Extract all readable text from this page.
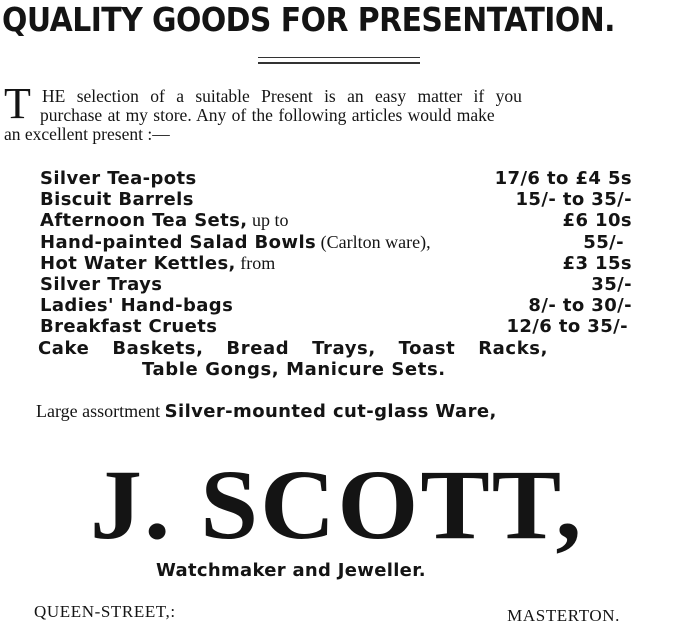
QUALITY GOODS FOR PRESENTATION.
T HE selection of a suitable Present is an easy matter if you
purchase at my store. Any of the following articles would make
an excellent present :—
Silver Tea-pots	17/6 to £4 5s
Biscuit Barrels	15/- to 35/-
Afternoon Tea Sets, up to	£6 10s
Hand-painted Salad Bowls (Carlton ware),	55/-
Hot Water Kettles, from	£3 15s
Silver Trays	35/-
Ladies' Hand-bags	8/- to 30/-
Breakfast Cruets	12/6 to 35/-
Cake Baskets, Bread Trays, Toast Racks,
Table Gongs, Manicure Sets.
Large assortment Silver-mounted cut-glass Ware,
J. SCOTT,
Watchmaker and Jeweller.
QUEEN-STREET,:	MASTERTON.
